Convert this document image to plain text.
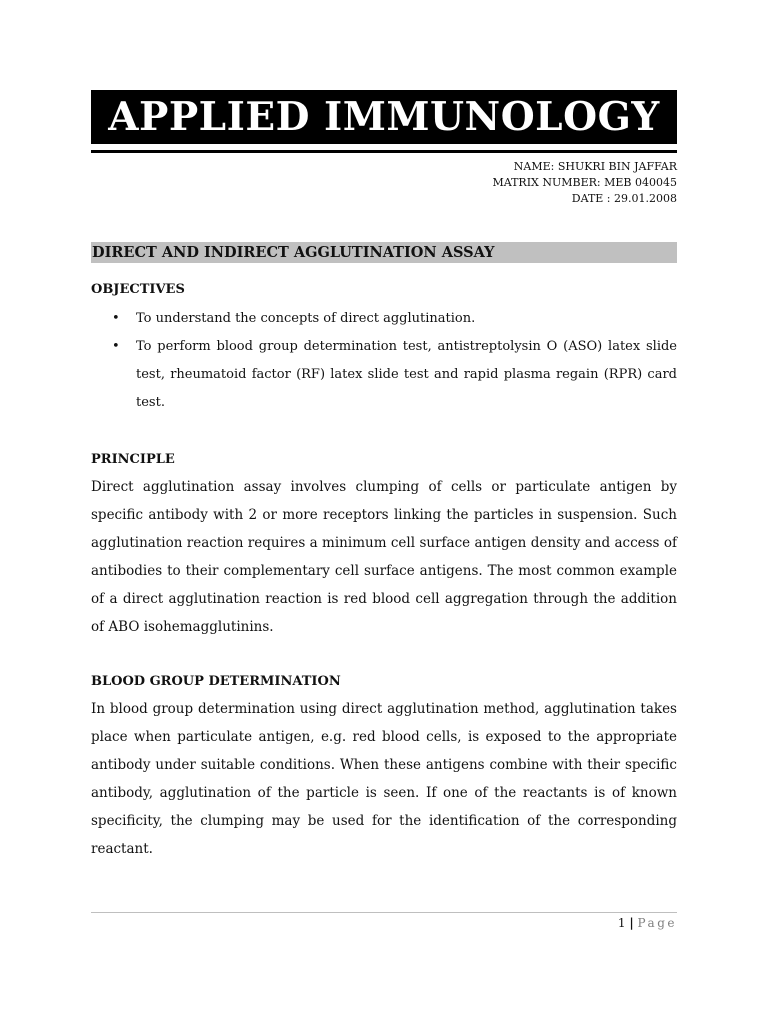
APPLIED IMMUNOLOGY
NAME: SHUKRI BIN JAFFAR
MATRIX NUMBER: MEB 040045
DATE : 29.01.2008
DIRECT AND INDIRECT AGGLUTINATION ASSAY
OBJECTIVES
• To understand the concepts of direct agglutination.
• To perform blood group determination test, antistreptolysin O (ASO) latex slide test, rheumatoid factor (RF) latex slide test and rapid plasma regain (RPR) card test.
PRINCIPLE

Direct agglutination assay involves clumping of cells or particulate antigen by specific antibody with 2 or more receptors linking the particles in suspension. Such agglutination reaction requires a minimum cell surface antigen density and access of antibodies to their complementary cell surface antigens. The most common example of a direct agglutination reaction is red blood cell aggregation through the addition of ABO isohemagglutinins.

BLOOD GROUP DETERMINATION

In blood group determination using direct agglutination method, agglutination takes place when particulate antigen, e.g. red blood cells, is exposed to the appropriate antibody under suitable conditions. When these antigens combine with their specific antibody, agglutination of the particle is seen. If one of the reactants is of known specificity, the clumping may be used for the identification of the corresponding reactant.

1 | Page
